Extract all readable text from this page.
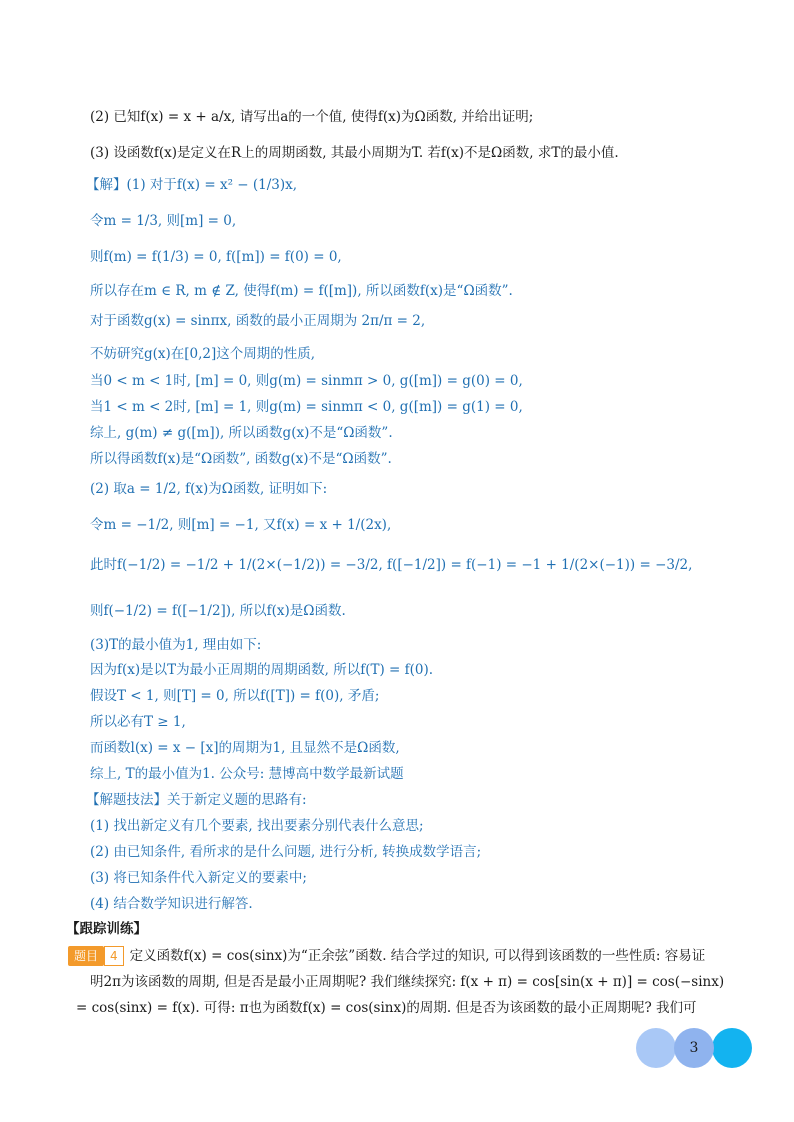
(2) 已知f(x) = x + a/x, 请写出a的一个值, 使得f(x)为Ω函数, 并给出证明;
(3) 设函数f(x)是定义在R上的周期函数, 其最小周期为T. 若f(x)不是Ω函数, 求T的最小值.
【解】(1) 对于f(x) = x² − (1/3)x,
令m = 1/3, 则[m] = 0,
则f(m) = f(1/3) = 0, f([m]) = f(0) = 0,
所以存在m ∈ R, m ∉ Z, 使得f(m) = f([m]), 所以函数f(x)是“Ω函数”.
对于函数g(x) = sinπx, 函数的最小正周期为 2π/π = 2,
不妨研究g(x)在[0,2]这个周期的性质,
当0 < m < 1时, [m] = 0, 则g(m) = sinmπ > 0, g([m]) = g(0) = 0,
当1 < m < 2时, [m] = 1, 则g(m) = sinmπ < 0, g([m]) = g(1) = 0,
综上, g(m) ≠ g([m]), 所以函数g(x)不是“Ω函数”.
所以得函数f(x)是“Ω函数”, 函数g(x)不是“Ω函数”.
(2) 取a = 1/2, f(x)为Ω函数, 证明如下:
令m = −1/2, 则[m] = −1, 又f(x) = x + 1/(2x),
此时f(−1/2) = −1/2 + 1/(2×(−1/2)) = −3/2, f([−1/2]) = f(−1) = −1 + 1/(2×(−1)) = −3/2,
则f(−1/2) = f([−1/2]), 所以f(x)是Ω函数.
(3)T的最小值为1, 理由如下:
因为f(x)是以T为最小正周期的周期函数, 所以f(T) = f(0).
假设T < 1, 则[T] = 0, 所以f([T]) = f(0), 矛盾;
所以必有T ≥ 1,
而函数l(x) = x − [x]的周期为1, 且显然不是Ω函数,
综上, T的最小值为1. 公众号: 慧博高中数学最新试题
【解题技法】关于新定义题的思路有:
(1) 找出新定义有几个要素, 找出要素分别代表什么意思;
(2) 由已知条件, 看所求的是什么问题, 进行分析, 转换成数学语言;
(3) 将已知条件代入新定义的要素中;
(4) 结合数学知识进行解答.
【跟踪训练】
题目 4 定义函数f(x) = cos(sinx)为“正余弦”函数. 结合学过的知识, 可以得到该函数的一些性质: 容易证
明2π为该函数的周期, 但是否是最小正周期呢? 我们继续探究: f(x + π) = cos[sin(x + π)] = cos(−sinx)
= cos(sinx) = f(x). 可得: π也为函数f(x) = cos(sinx)的周期. 但是否为该函数的最小正周期呢? 我们可
3
